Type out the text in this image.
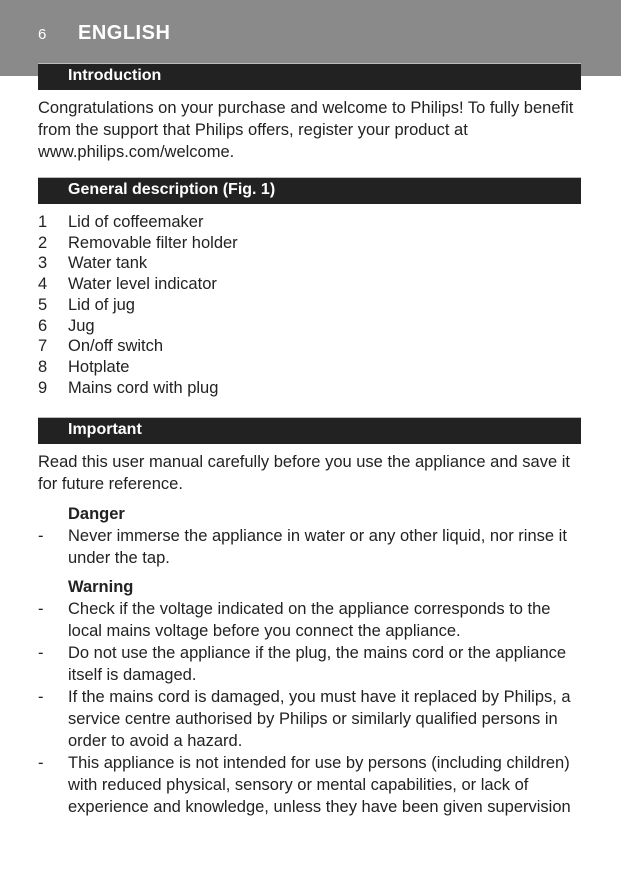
6 ENGLISH
Introduction
Congratulations on your purchase and welcome to Philips! To fully benefit from the support that Philips offers, register your product at www.philips.com/welcome.
General description (Fig. 1)
1 Lid of coffeemaker
2 Removable filter holder
3 Water tank
4 Water level indicator
5 Lid of jug
6 Jug
7 On/off switch
8 Hotplate
9 Mains cord with plug
Important
Read this user manual carefully before you use the appliance and save it for future reference.
Danger
- Never immerse the appliance in water or any other liquid, nor rinse it under the tap.
Warning
- Check if the voltage indicated on the appliance corresponds to the local mains voltage before you connect the appliance.
- Do not use the appliance if the plug, the mains cord or the appliance itself is damaged.
- If the mains cord is damaged, you must have it replaced by Philips, a service centre authorised by Philips or similarly qualified persons in order to avoid a hazard.
- This appliance is not intended for use by persons (including children) with reduced physical, sensory or mental capabilities, or lack of experience and knowledge, unless they have been given supervision
